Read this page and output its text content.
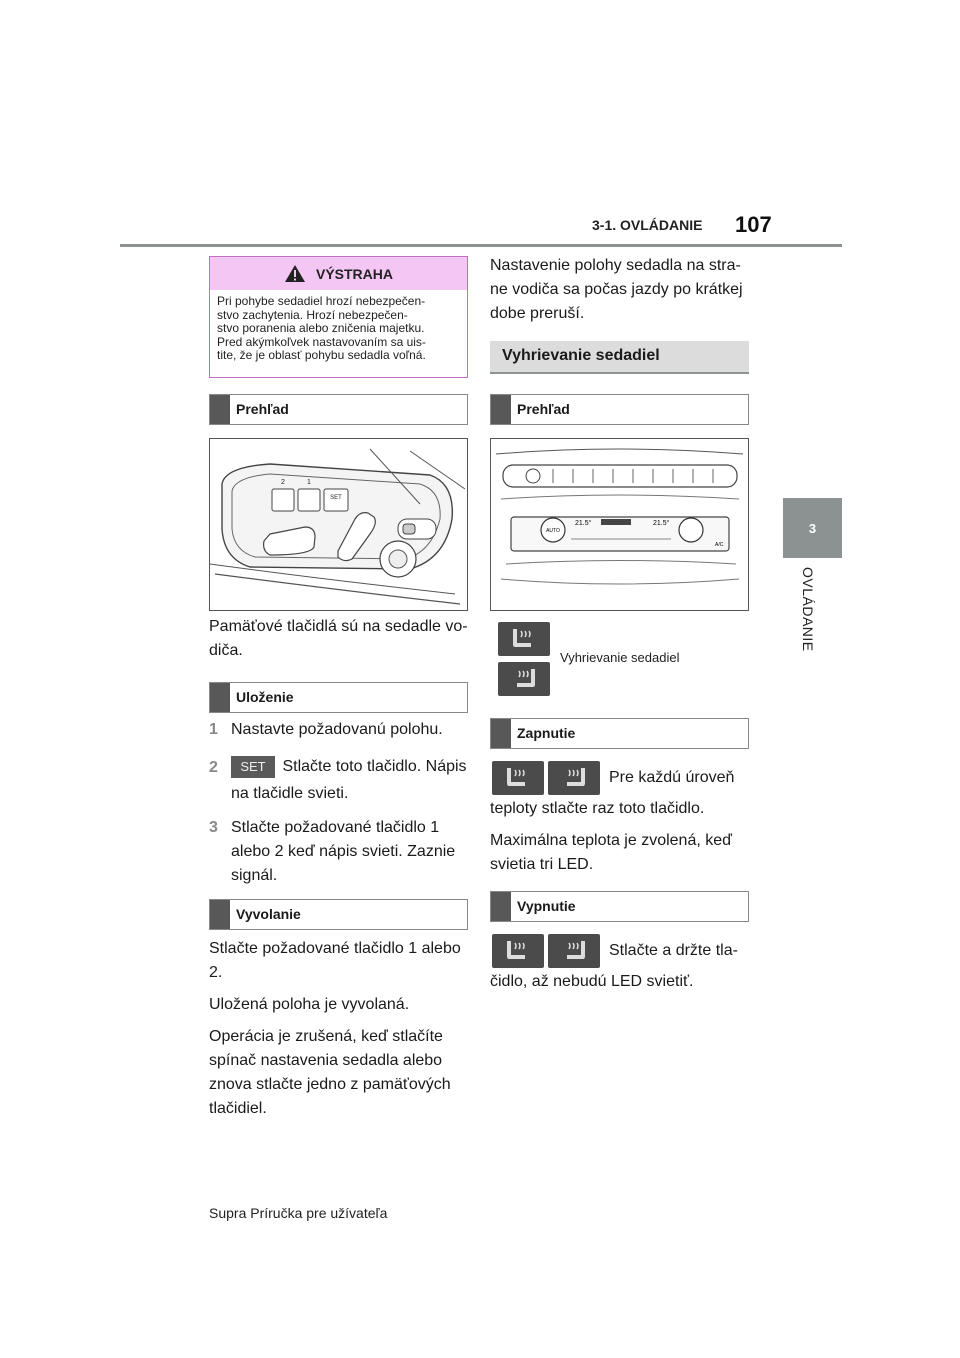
3-1. OVLÁDANIE 107
3
OVLÁDANIE
VÝSTRAHA
Pri pohybe sedadiel hrozí nebezpečen-
stvo zachytenia. Hrozí nebezpečen-
stvo poranenia alebo zničenia majetku.
Pred akýmkoľvek nastavovaním sa uis-
tite, že je oblasť pohybu sedadla voľná.
Prehľad
2	1
SET
Pamäťové tlačidlá sú na sedadle vo-
diča.
Uloženie
1 Nastavte požadovanú polohu.
2	SET Stlačte toto tlačidlo. Nápis
na tlačidle svieti.
3 Stlačte požadované tlačidlo 1
alebo 2 keď nápis svieti. Zaznie
signál.
Vyvolanie
Stlačte požadované tlačidlo 1 alebo
2.
Uložená poloha je vyvolaná.
Operácia je zrušená, keď stlačíte
spínač nastavenia sedadla alebo
znova stlačte jedno z pamäťových
tlačidiel.
Nastavenie polohy sedadla na stra-
ne vodiča sa počas jazdy po krátkej
dobe preruší.
Vyhrievanie sedadiel
Prehľad
AUTO
21.5°	21.5°
A/C
Vyhrievanie sedadiel
Zapnutie
Pre každú úroveň
teploty stlačte raz toto tlačidlo.
Maximálna teplota je zvolená, keď
svietia tri LED.
Vypnutie
Stlačte a držte tla-
čidlo, až nebudú LED svietiť.
Supra Príručka pre užívateľa
